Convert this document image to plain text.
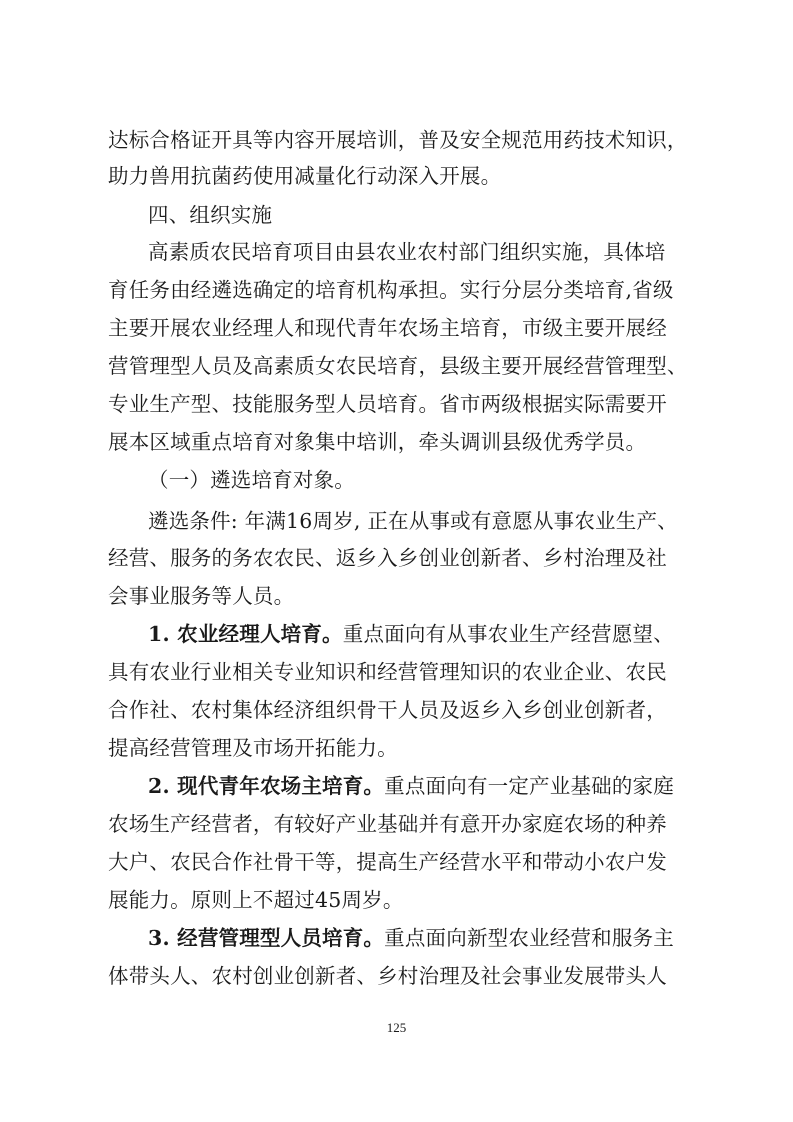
达标合格证开具等内容开展培训，普及安全规范用药技术知识，
助力兽用抗菌药使用减量化行动深入开展。
四、组织实施
高素质农民培育项目由县农业农村部门组织实施，具体培
育任务由经遴选确定的培育机构承担。实行分层分类培育,省级
主要开展农业经理人和现代青年农场主培育，市级主要开展经
营管理型人员及高素质女农民培育，县级主要开展经营管理型、
专业生产型、技能服务型人员培育。省市两级根据实际需要开
展本区域重点培育对象集中培训，牵头调训县级优秀学员。
（一）遴选培育对象。
遴选条件: 年满16周岁, 正在从事或有意愿从事农业生产、
经营、服务的务农农民、返乡入乡创业创新者、乡村治理及社
会事业服务等人员。
1. 农业经理人培育。重点面向有从事农业生产经营愿望、
具有农业行业相关专业知识和经营管理知识的农业企业、农民
合作社、农村集体经济组织骨干人员及返乡入乡创业创新者，
提高经营管理及市场开拓能力。
2. 现代青年农场主培育。重点面向有一定产业基础的家庭
农场生产经营者，有较好产业基础并有意开办家庭农场的种养
大户、农民合作社骨干等，提高生产经营水平和带动小农户发
展能力。原则上不超过45周岁。
3. 经营管理型人员培育。重点面向新型农业经营和服务主
体带头人、农村创业创新者、乡村治理及社会事业发展带头人
125
